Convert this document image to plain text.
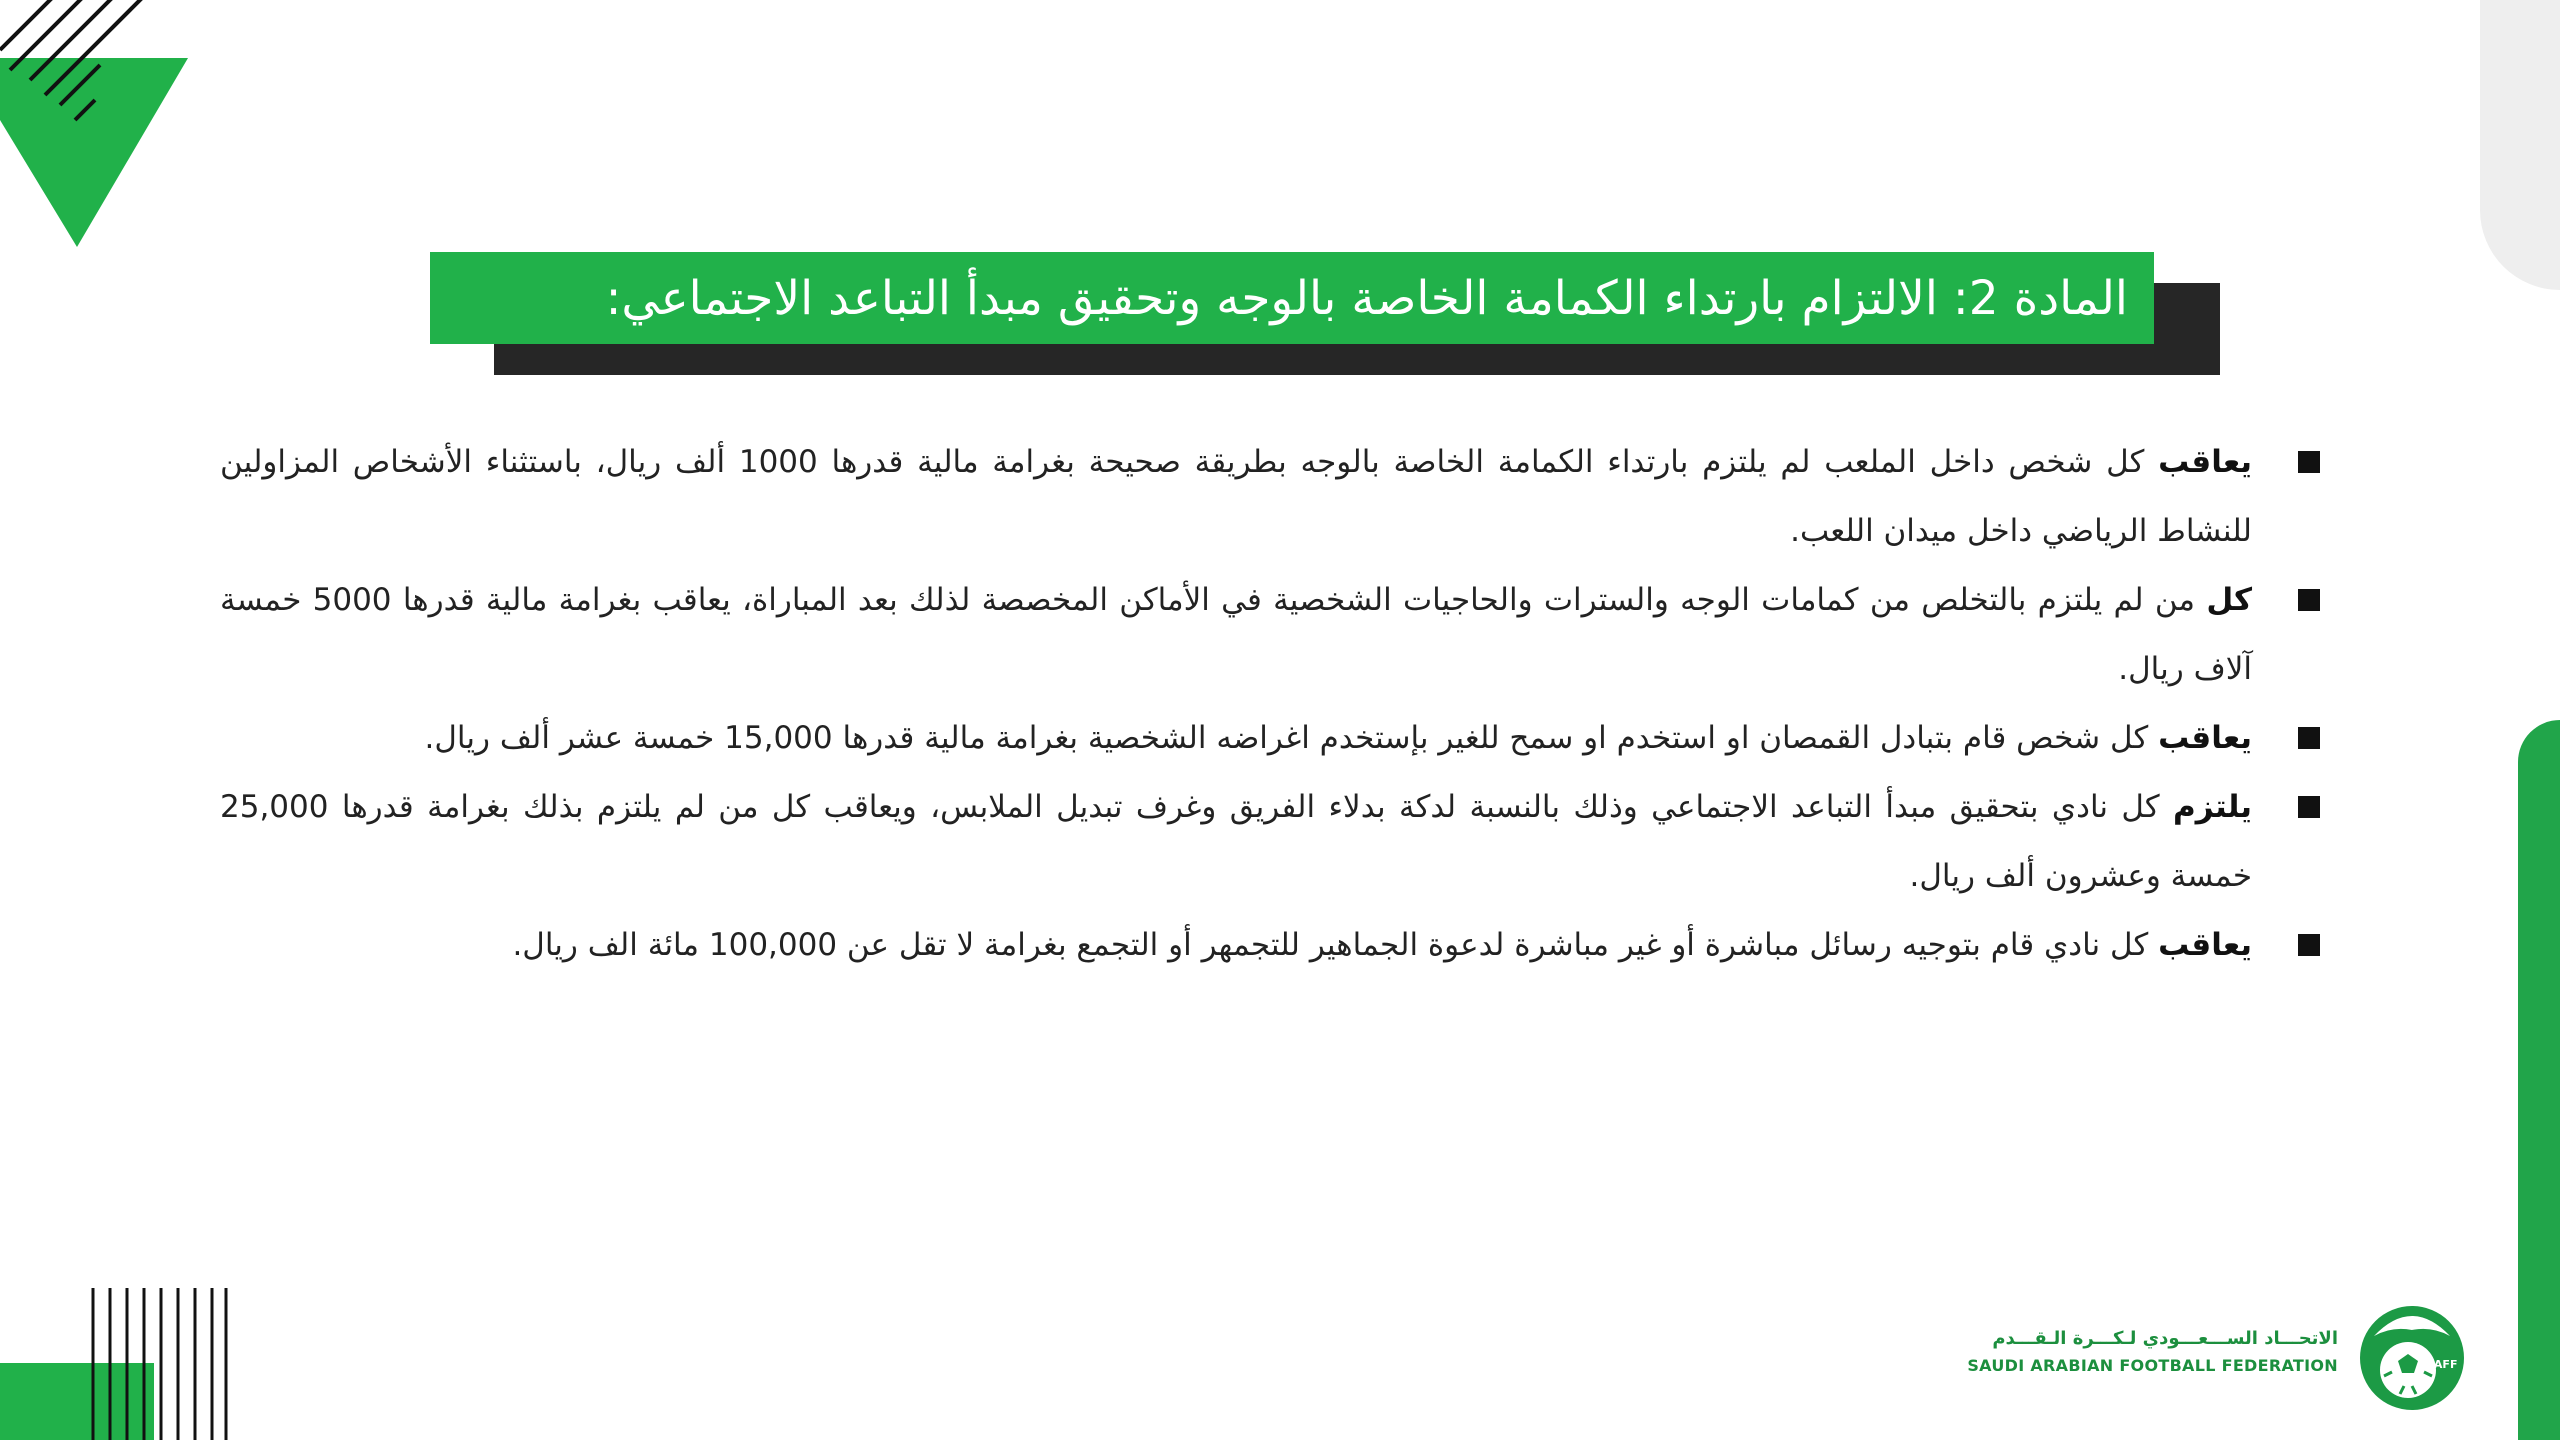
المادة 2: الالتزام بارتداء الكمامة الخاصة بالوجه وتحقيق مبدأ التباعد الاجتماعي:
يعاقب كل شخص داخل الملعب لم يلتزم بارتداء الكمامة الخاصة بالوجه بطريقة صحيحة بغرامة مالية قدرها 1000 ألف ريال، باستثناء الأشخاص المزاولين للنشاط الرياضي داخل ميدان اللعب.
كل من لم يلتزم بالتخلص من كمامات الوجه والسترات والحاجيات الشخصية في الأماكن المخصصة لذلك بعد المباراة، يعاقب بغرامة مالية قدرها 5000 خمسة آلاف ريال.
يعاقب كل شخص قام بتبادل القمصان او استخدم او سمح للغير بإستخدم اغراضه الشخصية بغرامة مالية قدرها 15,000 خمسة عشر ألف ريال.
يلتزم كل نادي بتحقيق مبدأ التباعد الاجتماعي وذلك بالنسبة لدكة بدلاء الفريق وغرف تبديل الملابس، ويعاقب كل من لم يلتزم بذلك بغرامة قدرها 25,000 خمسة وعشرون ألف ريال.
يعاقب كل نادي قام بتوجيه رسائل مباشرة أو غير مباشرة لدعوة الجماهير للتجمهر أو التجمع بغرامة لا تقل عن 100,000 مائة الف ريال.
الاتحـــاد الســـعـــودي لـكـــرة الـقـــدم
SAUDI ARABIAN FOOTBALL FEDERATION	SAFF
